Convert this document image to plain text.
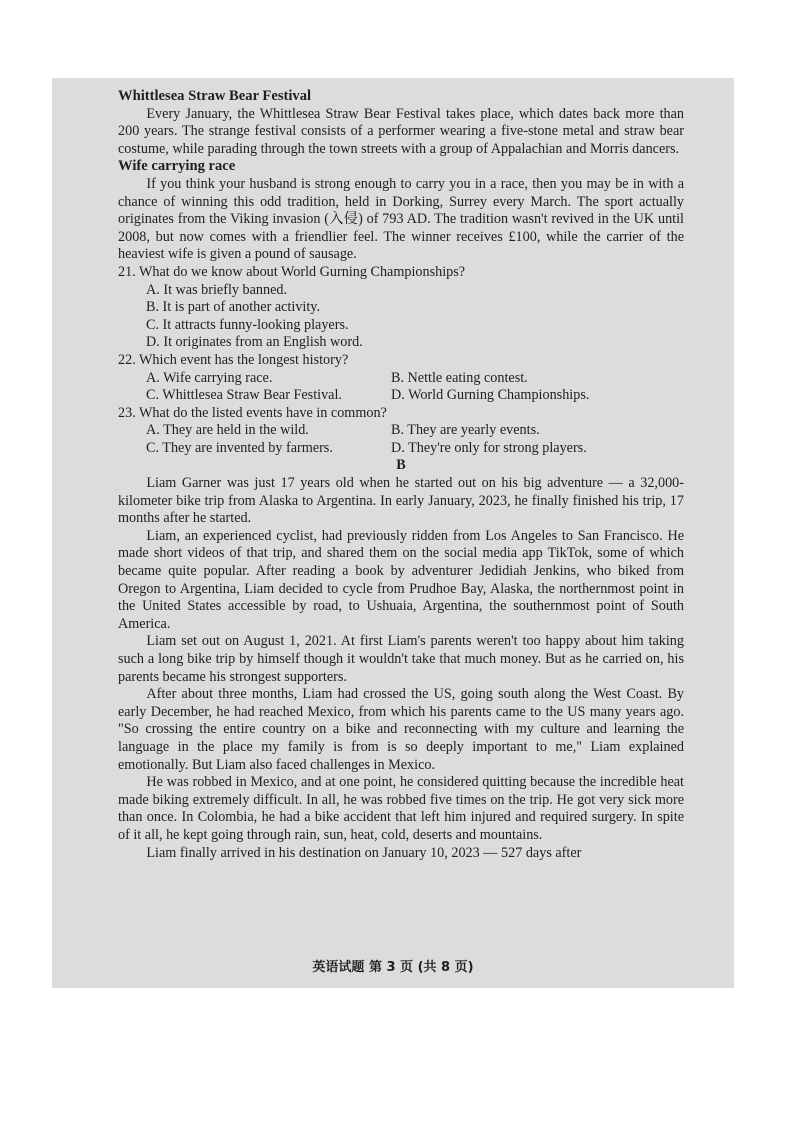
Whittlesea Straw Bear Festival

Every January, the Whittlesea Straw Bear Festival takes place, which dates back more than 200 years. The strange festival consists of a performer wearing a five-stone metal and straw bear costume, while parading through the town streets with a group of Appalachian and Morris dancers.

Wife carrying race

If you think your husband is strong enough to carry you in a race, then you may be in with a chance of winning this odd tradition, held in Dorking, Surrey every March. The sport actually originates from the Viking invasion (入侵) of 793 AD. The tradition wasn't revived in the UK until 2008, but now comes with a friendlier feel. The winner receives £100, while the carrier of the heaviest wife is given a pound of sausage.

21. What do we know about World Gurning Championships?
A. It was briefly banned.
B. It is part of another activity.
C. It attracts funny-looking players.
D. It originates from an English word.
22. Which event has the longest history?
A. Wife carrying race.	B. Nettle eating contest.
C. Whittlesea Straw Bear Festival.	D. World Gurning Championships.
23. What do the listed events have in common?
A. They are held in the wild.	B. They are yearly events.
C. They are invented by farmers.	D. They're only for strong players.
B

Liam Garner was just 17 years old when he started out on his big adventure — a 32,000-kilometer bike trip from Alaska to Argentina. In early January, 2023, he finally finished his trip, 17 months after he started.

Liam, an experienced cyclist, had previously ridden from Los Angeles to San Francisco. He made short videos of that trip, and shared them on the social media app TikTok, some of which became quite popular. After reading a book by adventurer Jedidiah Jenkins, who biked from Oregon to Argentina, Liam decided to cycle from Prudhoe Bay, Alaska, the northernmost point in the United States accessible by road, to Ushuaia, Argentina, the southernmost point of South America.

Liam set out on August 1, 2021. At first Liam's parents weren't too happy about him taking such a long bike trip by himself though it wouldn't take that much money. But as he carried on, his parents became his strongest supporters.

After about three months, Liam had crossed the US, going south along the West Coast. By early December, he had reached Mexico, from which his parents came to the US many years ago. "So crossing the entire country on a bike and reconnecting with my culture and learning the language in the place my family is from is so deeply important to me," Liam explained emotionally. But Liam also faced challenges in Mexico.

He was robbed in Mexico, and at one point, he considered quitting because the incredible heat made biking extremely difficult. In all, he was robbed five times on the trip. He got very sick more than once. In Colombia, he had a bike accident that left him injured and required surgery. In spite of it all, he kept going through rain, sun, heat, cold, deserts and mountains.

Liam finally arrived in his destination on January 10, 2023 — 527 days after

英语试题 第 3 页 (共 8 页)
